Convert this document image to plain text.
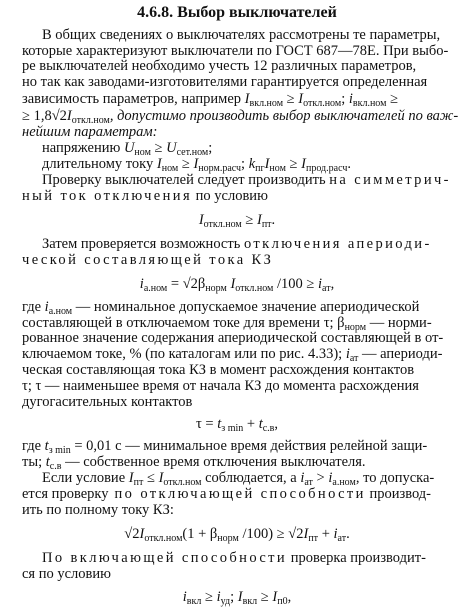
4.6.8. Выбор выключателей
В общих сведениях о выключателях рассмотрены те параметры,
которые характеризуют выключатели по ГОСТ 687—78Е. При выбо-
ре выключателей необходимо учесть 12 различных параметров,
но так как заводами-изготовителями гарантируется определенная
зависимость параметров, например $I_{вкл.ном} \ge I_{откл.ном}$; $i_{вкл.ном}$ ≥
≥ $1,8√2I_{откл.ном}$, допустимо производить выбор выключателей по важ-
нейшим параметрам:
напряжению $U_{ном} \ge U_{сет.ном}$;
длительному току $I_{ном} \ge I_{норм.расч}$; $k_{пг}I_{ном} \ge I_{прод.расч}$.
Проверку выключателей следует производить на симметрич-
ный ток отключения по условию
$I_{откл.ном} \ge I_{пт}$.
Затем проверяется возможность отключения апериоди-
ческой составляющей тока КЗ
$i_{а.ном} = √2\beta_{норм}$ $I_{откл.ном}$ $/100 \ge i_{ат}$,
где $i_{а.ном}$ — номинальное допускаемое значение апериодической
составляющей в отключаемом токе для времени τ; $\beta_{норм}$ — норми-
рованное значение содержания апериодической составляющей в от-
ключаемом токе, % (по каталогам или по рис. 4.33); $i_{ат}$ — апериоди-
ческая составляющая тока КЗ в момент расхождения контактов
τ; τ — наименьшее время от начала КЗ до момента расхождения
дугогасительных контактов
$\tau = t_{з min} + t_{с.в}$,
где $t_{з min} = 0,01$ с — минимальное время действия релейной защи-
ты; $t_{с.в}$ — собственное время отключения выключателя.
Если условие $I_{пт} \le I_{откл.ном}$ соблюдается, а $i_{ат} > i_{а.ном}$, то допуска-
ется проверку по отключающей способности производ-
ить по полному току КЗ:
$√2I_{откл.ном}(1 + \beta_{норм}$ $/100) \ge √2I_{пт} + i_{ат}$.
По включающей способности проверка производит-
ся по условию
$i_{вкл} \ge i_{уд}$; $I_{вкл} \ge I_{п0}$,
